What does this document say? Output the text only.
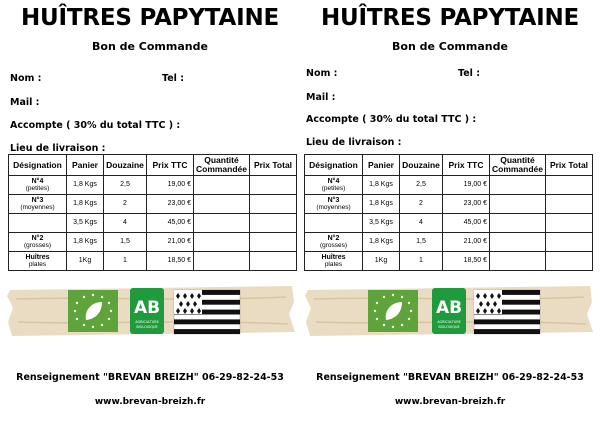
HUÎTRES PAPYTAINE
Bon de Commande
Nom :	Tel :
Mail :
Accompte ( 30% du total TTC ) :
Lieu de livraison :
Désignation	Panier	Douzaine	Prix TTC	Quantité Commandée	Prix Total
N°4
(petites)	1,8 Kgs	2,5	19,00 €		
N°3
(moyennes)	1,8 Kgs	2	23,00 €		
	3,5 Kgs	4	45,00 €		
N°2
(grosses)	1,8 Kgs	1,5	21,00 €		
Huîtres
plates	1Kg	1	18,50 €		
AB
AGRICULTURE
BIOLOGIQUE
Renseignement "BREVAN BREIZH" 06-29-82-24-53
www.brevan-breizh.fr
HUÎTRES PAPYTAINE
Bon de Commande
Nom :	Tel :
Mail :
Accompte ( 30% du total TTC ) :
Lieu de livraison :
Désignation	Panier	Douzaine	Prix TTC	Quantité Commandée	Prix Total
N°4
(petites)	1,8 Kgs	2,5	19,00 €		
N°3
(moyennes)	1,8 Kgs	2	23,00 €		
	3,5 Kgs	4	45,00 €		
N°2
(grosses)	1,8 Kgs	1,5	21,00 €		
Huîtres
plates	1Kg	1	18,50 €		
AB
AGRICULTURE
BIOLOGIQUE
Renseignement "BREVAN BREIZH" 06-29-82-24-53
www.brevan-breizh.fr
